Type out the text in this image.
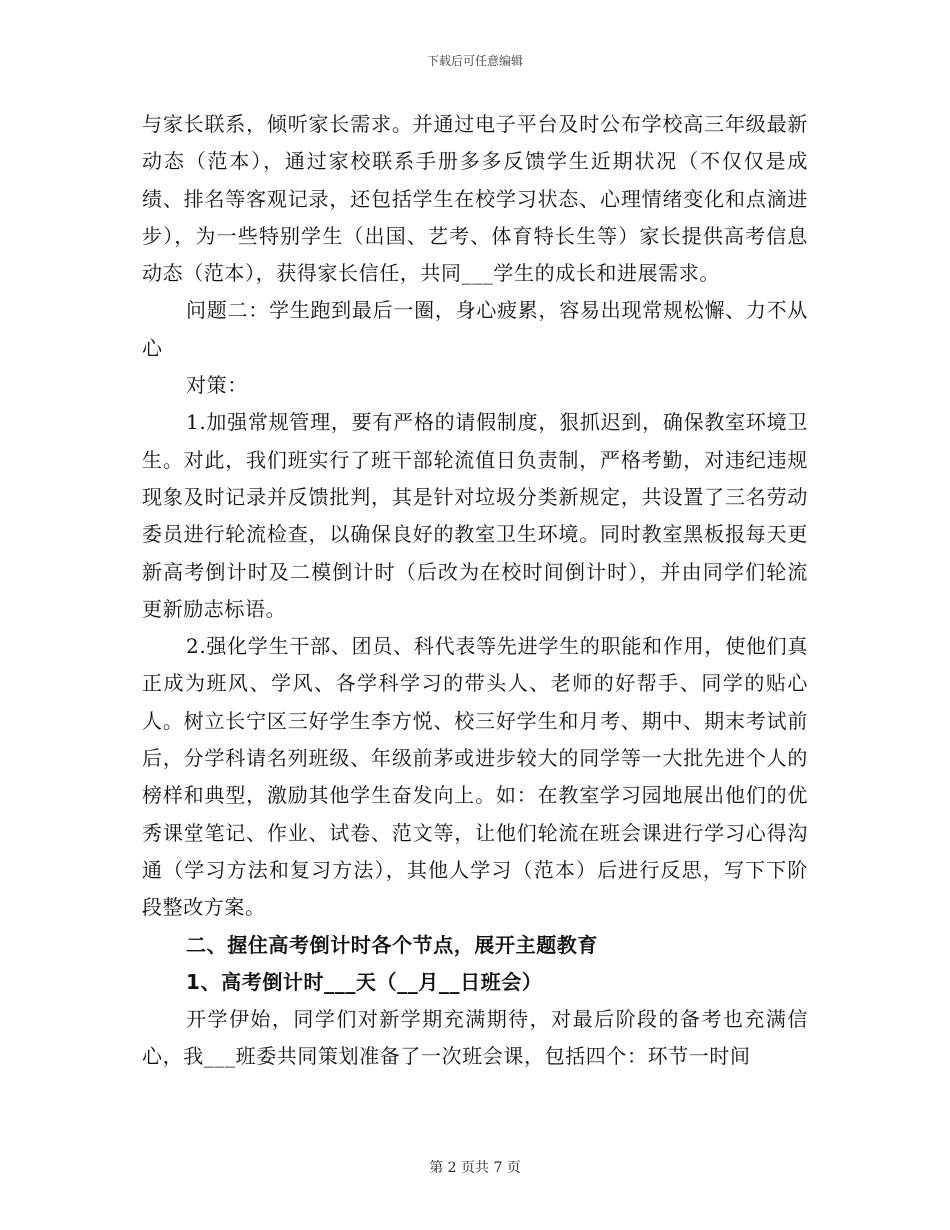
下载后可任意编辑

与家长联系，倾听家长需求。并通过电子平台及时公布学校高三年级最新动态（范本），通过家校联系手册多多反馈学生近期状况（不仅仅是成绩、排名等客观记录，还包括学生在校学习状态、心理情绪变化和点滴进步），为一些特别学生（出国、艺考、体育特长生等）家长提供高考信息动态（范本），获得家长信任，共同___学生的成长和进展需求。

问题二：学生跑到最后一圈，身心疲累，容易出现常规松懈、力不从心

对策：

1.加强常规管理，要有严格的请假制度，狠抓迟到，确保教室环境卫生。对此，我们班实行了班干部轮流值日负责制，严格考勤，对违纪违规现象及时记录并反馈批判，其是针对垃圾分类新规定，共设置了三名劳动委员进行轮流检查，以确保良好的教室卫生环境。同时教室黑板报每天更新高考倒计时及二模倒计时（后改为在校时间倒计时），并由同学们轮流更新励志标语。

2.强化学生干部、团员、科代表等先进学生的职能和作用，使他们真正成为班风、学风、各学科学习的带头人、老师的好帮手、同学的贴心人。树立长宁区三好学生李方悦、校三好学生和月考、期中、期末考试前后，分学科请名列班级、年级前茅或进步较大的同学等一大批先进个人的榜样和典型，激励其他学生奋发向上。如：在教室学习园地展出他们的优秀课堂笔记、作业、试卷、范文等，让他们轮流在班会课进行学习心得沟通（学习方法和复习方法），其他人学习（范本）后进行反思，写下下阶段整改方案。

二、握住高考倒计时各个节点，展开主题教育

1、高考倒计时___天（__月__日班会）

开学伊始，同学们对新学期充满期待，对最后阶段的备考也充满信心，我___班委共同策划准备了一次班会课，包括四个：环节一时间

第 2 页共 7 页
